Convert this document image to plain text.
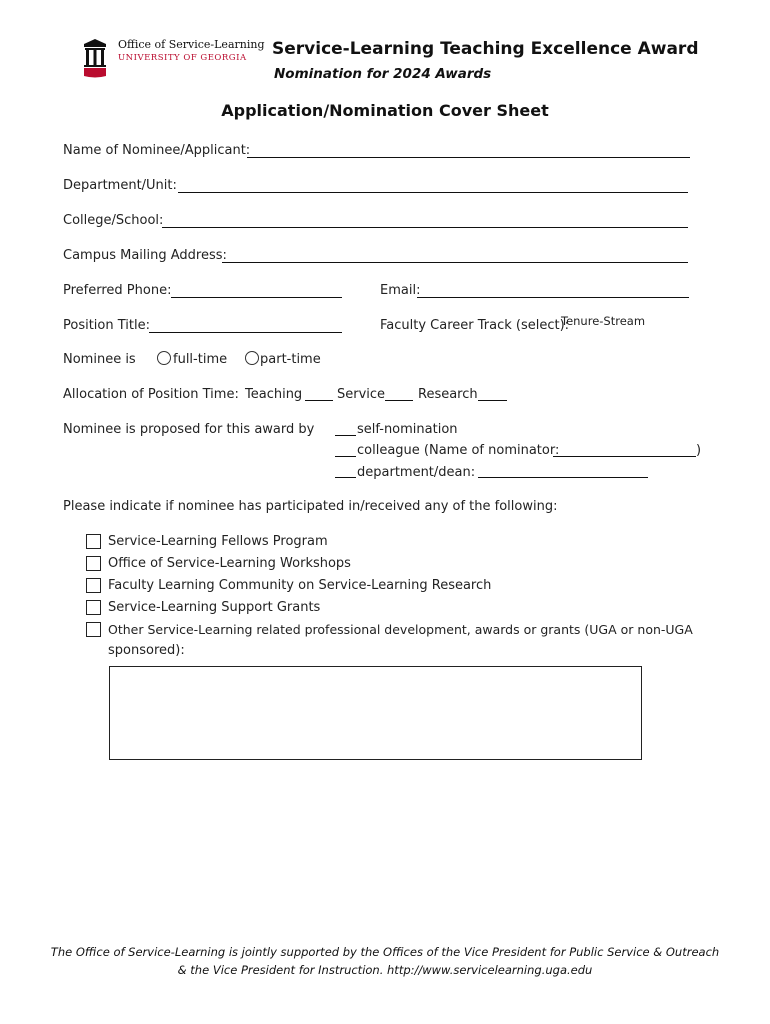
Office of Service-Learning
UNIVERSITY OF GEORGIA Service-Learning Teaching Excellence Award
Nomination for 2024 Awards
Application/Nomination Cover Sheet
Name of Nominee/Applicant:
Department/Unit:
College/School:
Campus Mailing Address:
Preferred Phone:	Email:
Position Title:	Faculty Career Track (select):
Tenure-Stream
Nominee is	full-time	part-time
Allocation of Position Time: Teaching	Service	Research
Nominee is proposed for this award by	self-nomination
colleague (Name of nominator:	)
department/dean:
Please indicate if nominee has participated in/received any of the following:
Service-Learning Fellows Program
Office of Service-Learning Workshops
Faculty Learning Community on Service-Learning Research
Service-Learning Support Grants
Other Service-Learning related professional development, awards or grants (UGA or non-UGA
sponsored):
The Office of Service-Learning is jointly supported by the Offices of the Vice President for Public Service & Outreach
& the Vice President for Instruction. http://www.servicelearning.uga.edu
